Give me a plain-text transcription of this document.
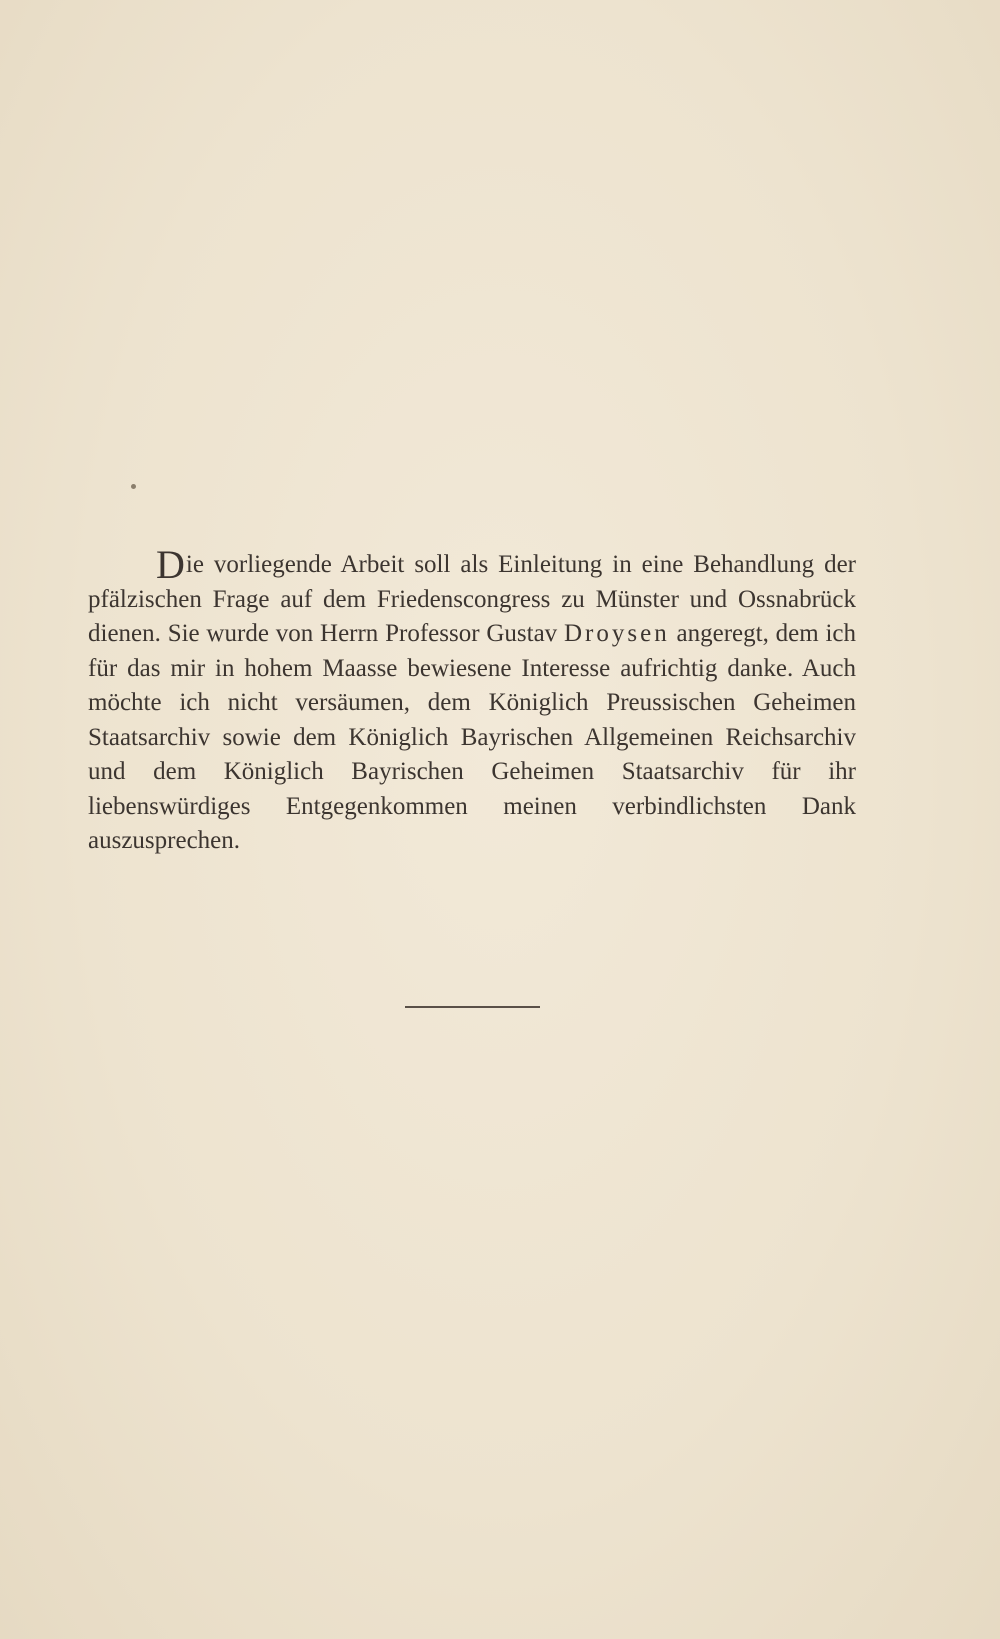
Die vorliegende Arbeit soll als Einleitung in eine Behandlung der pfälzischen Frage auf dem Friedenscongress zu Münster und Ossnabrück dienen. Sie wurde von Herrn Professor Gustav Droysen angeregt, dem ich für das mir in hohem Maasse bewiesene Interesse aufrichtig danke. Auch möchte ich nicht versäumen, dem Königlich Preussischen Geheimen Staatsarchiv sowie dem Königlich Bayrischen Allgemeinen Reichsarchiv und dem Königlich Bayrischen Geheimen Staatsarchiv für ihr liebenswürdiges Entgegenkommen meinen verbindlichsten Dank auszusprechen.
